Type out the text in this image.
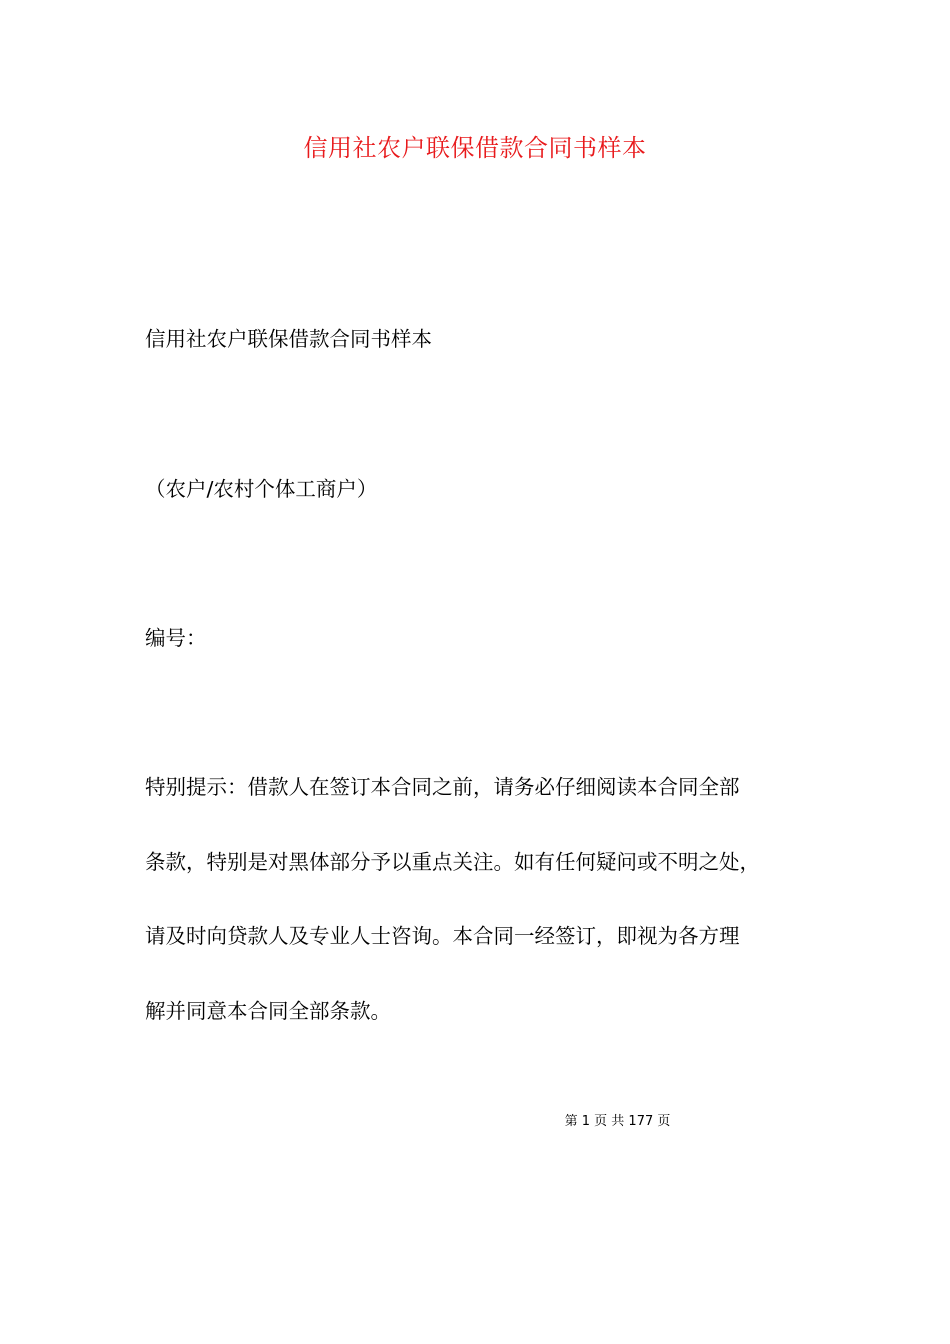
信用社农户联保借款合同书样本

信用社农户联保借款合同书样本

（农户/农村个体工商户）

编号：

特别提示：借款人在签订本合同之前，请务必仔细阅读本合同全部

条款，特别是对黑体部分予以重点关注。如有任何疑问或不明之处，

请及时向贷款人及专业人士咨询。本合同一经签订，即视为各方理

解并同意本合同全部条款。

第 1 页 共 177 页
